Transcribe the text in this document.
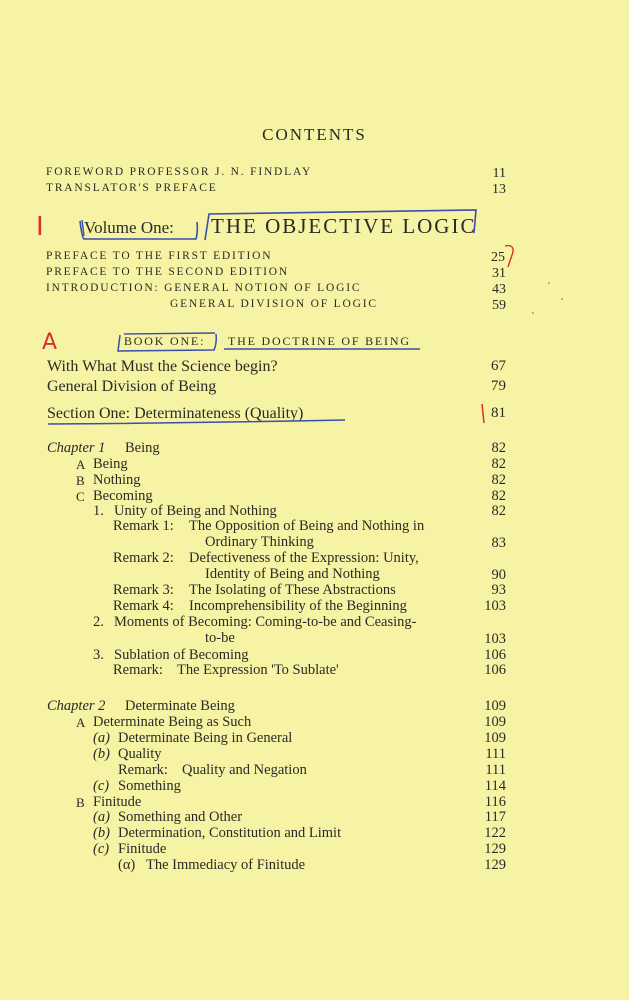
CONTENTS
FOREWORD PROFESSOR J. N. FINDLAY	11
TRANSLATOR'S PREFACE	13
I Volume One: THE OBJECTIVE LOGIC
PREFACE TO THE FIRST EDITION	25
PREFACE TO THE SECOND EDITION	31
INTRODUCTION: GENERAL NOTION OF LOGIC	43
GENERAL DIVISION OF LOGIC	59
A	BOOK ONE: THE DOCTRINE OF BEING
With What Must the Science begin?	67
General Division of Being	79
Section One: Determinateness (Quality)	81
Chapter 1 Being	82
A Being	82
B Nothing	82
C Becoming	82
1. Unity of Being and Nothing	82
Remark 1: The Opposition of Being and Nothing in
Ordinary Thinking	83
Remark 2: Defectiveness of the Expression: Unity,
Identity of Being and Nothing	90
Remark 3: The Isolating of These Abstractions	93
Remark 4: Incomprehensibility of the Beginning	103
2. Moments of Becoming: Coming-to-be and Ceasing-
to-be	103
3. Sublation of Becoming	106
Remark: The Expression 'To Sublate'	106
Chapter 2 Determinate Being	109
A Determinate Being as Such	109
(a) Determinate Being in General	109
(b) Quality	111
Remark: Quality and Negation	111
(c) Something	114
B Finitude	116
(a) Something and Other	117
(b) Determination, Constitution and Limit	122
(c) Finitude	129
(α) The Immediacy of Finitude	129
